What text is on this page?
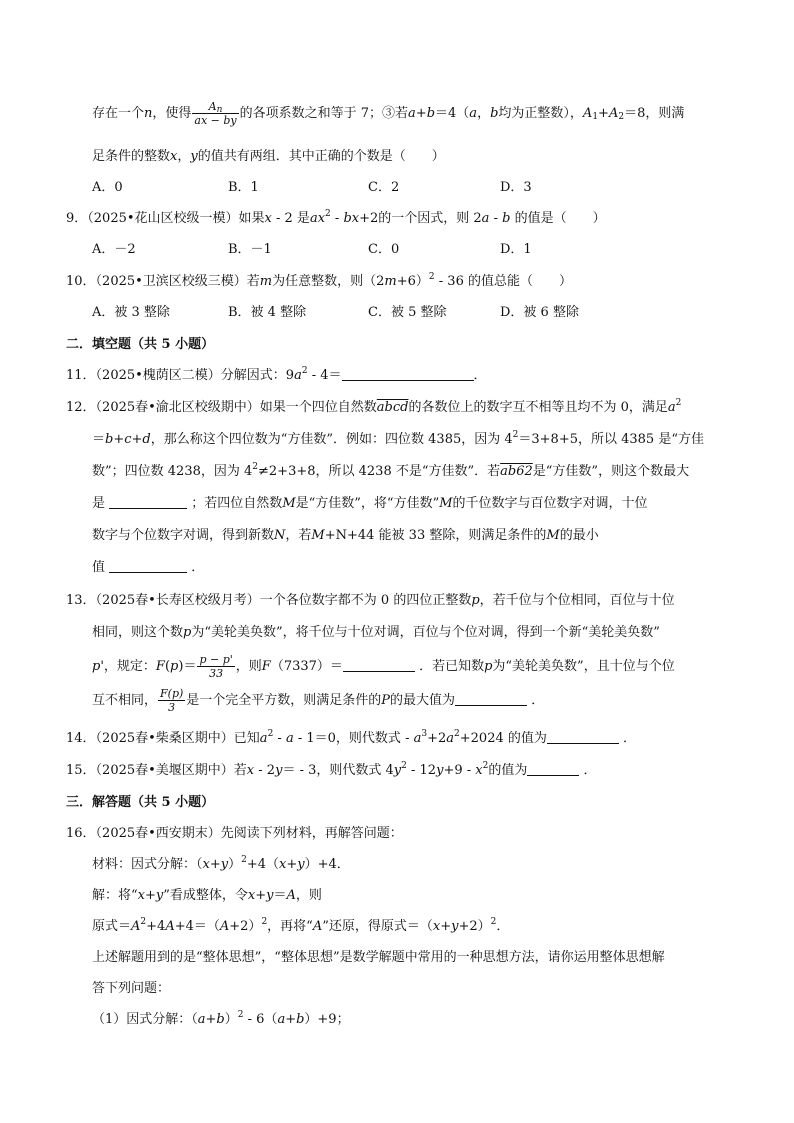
存在一个n，使得 $\frac{A_n}{ax - by}$ 的各项系数之和等于 7；③若a+b＝4（a，b均为正整数），$A_1+A_2=8$，则满
足条件的整数x，y的值共有两组．其中正确的个数是（　　）
A．0	B．1	C．2	D．3
9．（2025•花山区校级一模）如果x - 2 是$ax^2 - bx+2$的一个因式，则 2a - b 的值是（　　）
A．－2	B．－1	C．0	D．1
10．（2025•卫滨区校级三模）若m为任意整数，则$(2m+6)^2 - 36$ 的值总能（　　）
A．被 3 整除	B．被 4 整除	C．被 5 整除	D．被 6 整除
二．填空题（共 5 小题）
11．（2025•槐荫区二模）分解因式：$9a^2 - 4=$	．
12．（2025春•渝北区校级期中）如果一个四位自然数abcd的各数位上的数字互不相等且均不为 0，满足$a^2$
＝b+c+d，那么称这个四位数为“方佳数”．例如：四位数 4385，因为 $4^2=3+8+5$，所以 4385 是“方佳
数”；四位数 4238，因为 $4^2\ne 2+3+8$，所以 4238 不是“方佳数”．若ab62是“方佳数”，则这个数最大
是	；若四位自然数M是“方佳数”，将“方佳数”M的千位数字与百位数字对调，十位
数字与个位数字对调，得到新数N，若M+N+44 能被 33 整除，则满足条件的M的最小
值	．
13．（2025春•长寿区校级月考）一个各位数字都不为 0 的四位正整数p，若千位与个位相同，百位与十位
相同，则这个数p为“美轮美奂数”，将千位与十位对调，百位与个位对调，得到一个新“美轮美奂数”
p'，规定：$F(p)= \frac{p - p'}{33}$ ，则F（7337）＝	．若已知数p为“美轮美奂数”，且十位与个位
互不相同， $\frac{F(p)}{3}$ 是一个完全平方数，则满足条件的P的最大值为	．
14．（2025春•柴桑区期中）已知$a^2 - a - 1=0$，则代数式 - $a^3+2a^2+2024$ 的值为	．
15．（2025春•美堰区期中）若x - 2y＝ - 3，则代数式 $4y^2 - 12y+9 - x^2$的值为	．
三．解答题（共 5 小题）
16．（2025春•西安期末）先阅读下列材料，再解答问题：
材料：因式分解：$(x+y)^2+4(x+y)+4$．
解：将“x+y”看成整体，令x+y＝A，则
原式$=A^2+4A+4=(A+2)^2$，再将“A”还原，得原式$=(x+y+2)^2$．
上述解题用到的是“整体思想”，“整体思想”是数学解题中常用的一种思想方法，请你运用整体思想解
答下列问题：
（1）因式分解：$(a+b)^2 - 6(a+b)+9$；
